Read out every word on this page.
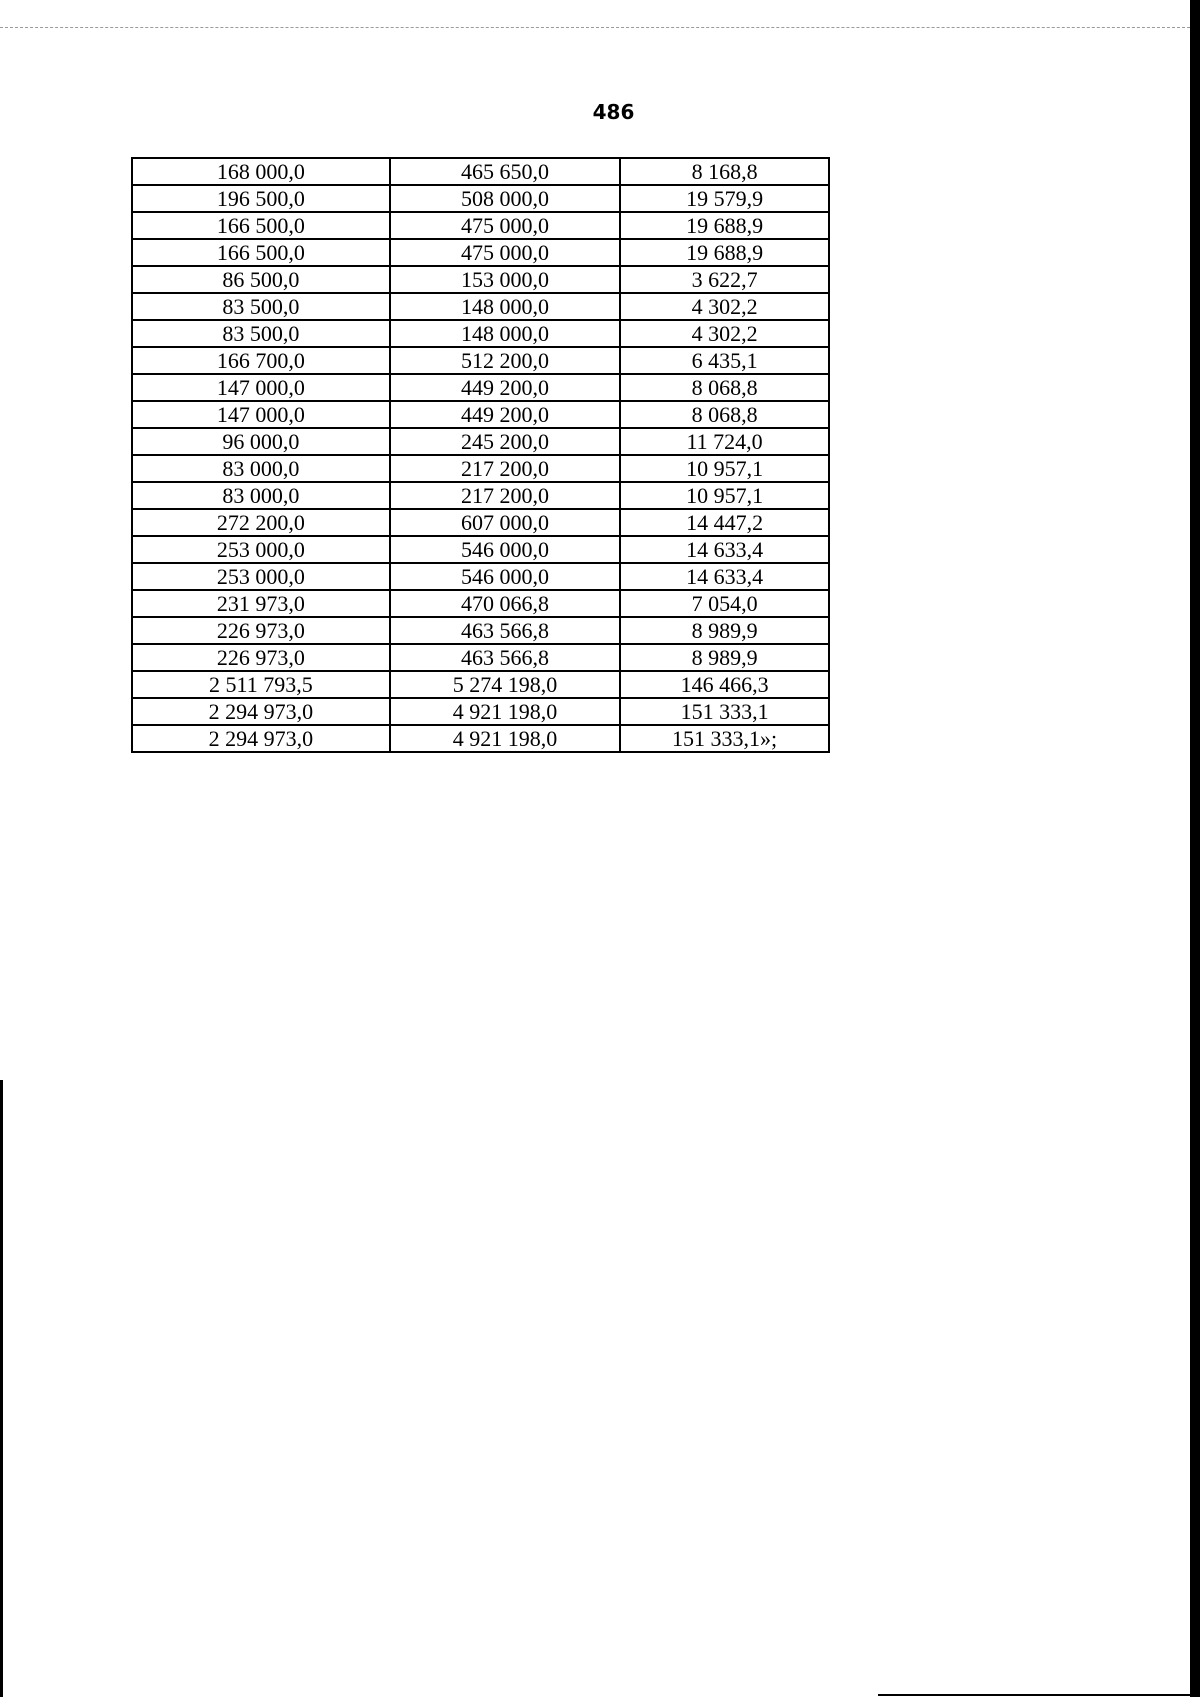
486
168 000,0	465 650,0	8 168,8
196 500,0	508 000,0	19 579,9
166 500,0	475 000,0	19 688,9
166 500,0	475 000,0	19 688,9
86 500,0	153 000,0	3 622,7
83 500,0	148 000,0	4 302,2
83 500,0	148 000,0	4 302,2
166 700,0	512 200,0	6 435,1
147 000,0	449 200,0	8 068,8
147 000,0	449 200,0	8 068,8
96 000,0	245 200,0	11 724,0
83 000,0	217 200,0	10 957,1
83 000,0	217 200,0	10 957,1
272 200,0	607 000,0	14 447,2
253 000,0	546 000,0	14 633,4
253 000,0	546 000,0	14 633,4
231 973,0	470 066,8	7 054,0
226 973,0	463 566,8	8 989,9
226 973,0	463 566,8	8 989,9
2 511 793,5	5 274 198,0	146 466,3
2 294 973,0	4 921 198,0	151 333,1
2 294 973,0	4 921 198,0	151 333,1»;
